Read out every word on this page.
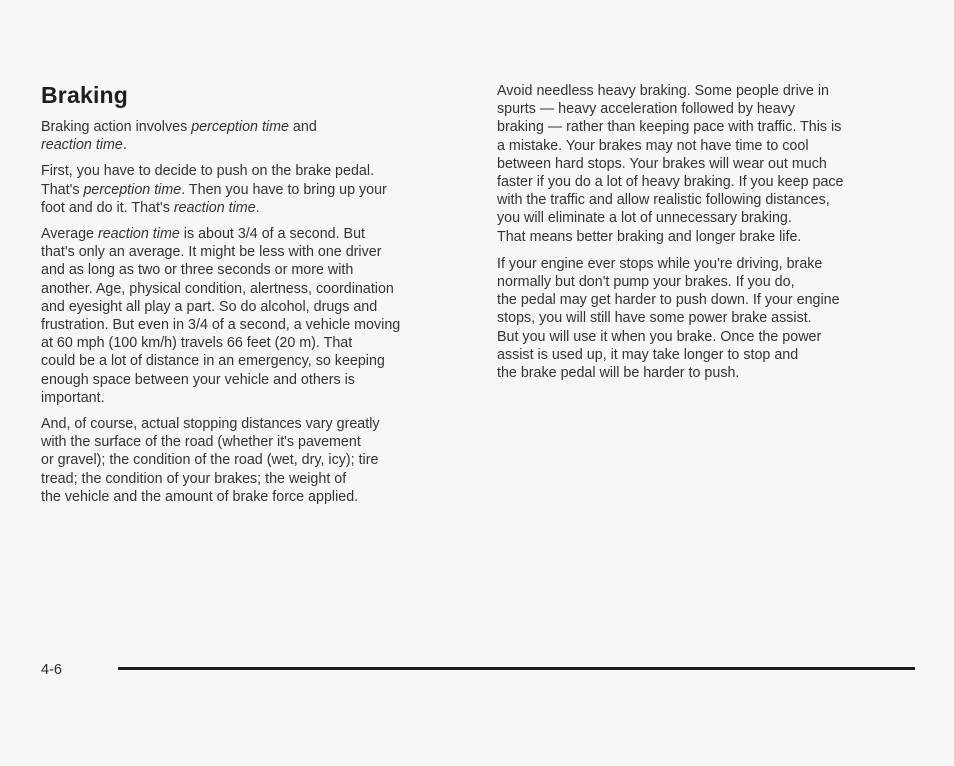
Braking

Braking action involves perception time and
reaction time.

First, you have to decide to push on the brake pedal.
That's perception time. Then you have to bring up your
foot and do it. That's reaction time.

Average reaction time is about 3/4 of a second. But
that's only an average. It might be less with one driver
and as long as two or three seconds or more with
another. Age, physical condition, alertness, coordination
and eyesight all play a part. So do alcohol, drugs and
frustration. But even in 3/4 of a second, a vehicle moving
at 60 mph (100 km/h) travels 66 feet (20 m). That
could be a lot of distance in an emergency, so keeping
enough space between your vehicle and others is
important.

And, of course, actual stopping distances vary greatly
with the surface of the road (whether it's pavement
or gravel); the condition of the road (wet, dry, icy); tire
tread; the condition of your brakes; the weight of
the vehicle and the amount of brake force applied.

Avoid needless heavy braking. Some people drive in
spurts — heavy acceleration followed by heavy
braking — rather than keeping pace with traffic. This is
a mistake. Your brakes may not have time to cool
between hard stops. Your brakes will wear out much
faster if you do a lot of heavy braking. If you keep pace
with the traffic and allow realistic following distances,
you will eliminate a lot of unnecessary braking.
That means better braking and longer brake life.

If your engine ever stops while you're driving, brake
normally but don't pump your brakes. If you do,
the pedal may get harder to push down. If your engine
stops, you will still have some power brake assist.
But you will use it when you brake. Once the power
assist is used up, it may take longer to stop and
the brake pedal will be harder to push.

4-6
